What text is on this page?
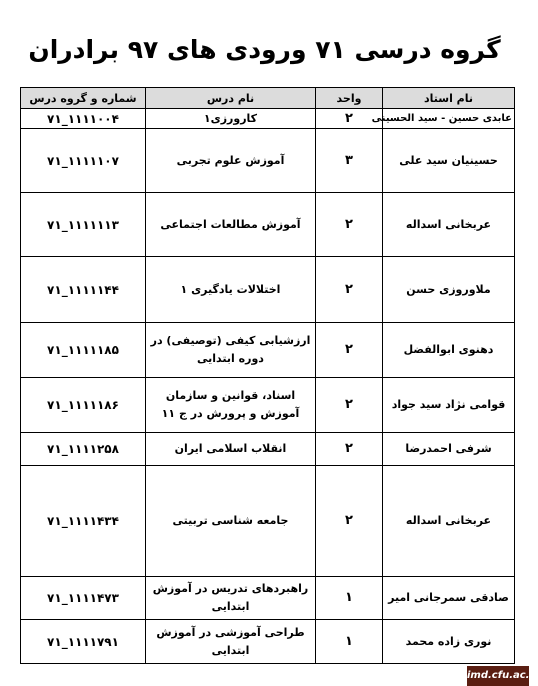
گروه درسی ۷۱ ورودی های ۹۷ برادران
نام استاد	واحد	نام درس	شماره و گروه درس
عابدی حسین - سید الحسینی	۲	کارورزی۱	۱۱۱۱۰۰۴_۷۱
حسینیان سید علی	۳	آموزش علوم تجربی	۱۱۱۱۱۰۷_۷۱
عربخانی اسداله	۲	آموزش مطالعات اجتماعی	۱۱۱۱۱۱۳_۷۱
ملاوروزی حسن	۲	اختلالات یادگیری ۱	۱۱۱۱۱۴۴_۷۱
دهنوی ابوالفضل	۲	ارزشیابی کیفی (توصیفی) در دوره ابتدایی	۱۱۱۱۱۸۵_۷۱
قوامی نژاد سید جواد	۲	اسناد، قوانین و سازمان آموزش و پرورش در ج ۱۱	۱۱۱۱۱۸۶_۷۱
شرفی احمدرضا	۲	انقلاب اسلامی ایران	۱۱۱۱۲۵۸_۷۱
عربخانی اسداله	۲	جامعه شناسی تربیتی	۱۱۱۱۴۳۴_۷۱
صادقی سمرجانی امیر	۱	راهبردهای تدریس در آموزش ابتدایی	۱۱۱۱۴۷۳_۷۱
نوری زاده محمد	۱	طراحی آموزشی در آموزش ابتدایی	۱۱۱۱۷۹۱_۷۱
imd.cfu.ac.ir
